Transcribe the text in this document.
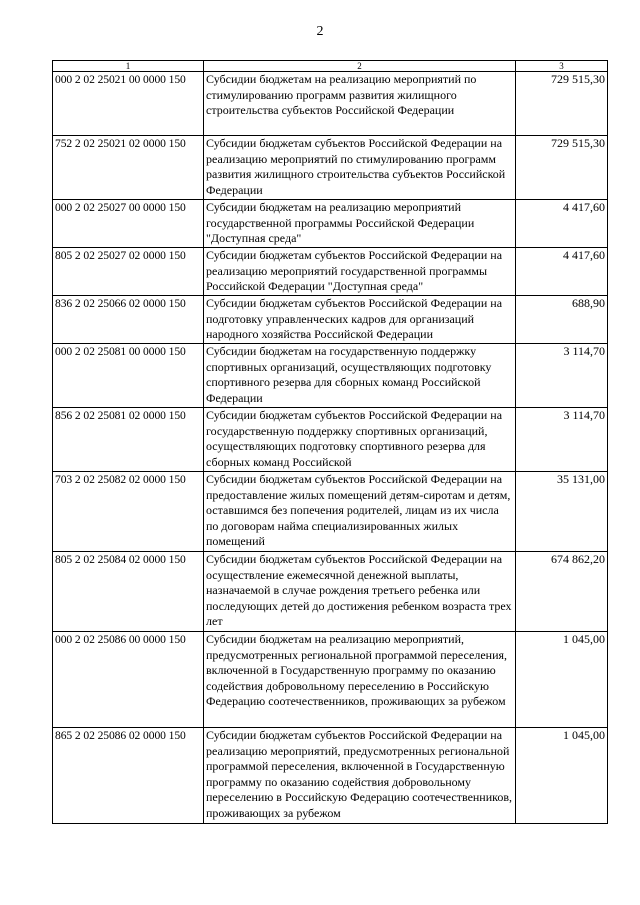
2
1	2	3
000 2 02 25021 00 0000 150	Субсидии бюджетам на реализацию мероприятий по стимулированию программ развития жилищного строительства субъектов Российской Федерации	729 515,30
752 2 02 25021 02 0000 150	Субсидии бюджетам субъектов Российской Федерации на реализацию мероприятий по стимулированию программ развития жилищного строительства субъектов Российской Федерации	729 515,30
000 2 02 25027 00 0000 150	Субсидии бюджетам на реализацию мероприятий государственной программы Российской Федерации "Доступная среда"	4 417,60
805 2 02 25027 02 0000 150	Субсидии бюджетам субъектов Российской Федерации на реализацию мероприятий государственной программы Российской Федерации "Доступная среда"	4 417,60
836 2 02 25066 02 0000 150	Субсидии бюджетам субъектов Российской Федерации на подготовку управленческих кадров для организаций народного хозяйства Российской Федерации	688,90
000 2 02 25081 00 0000 150	Субсидии бюджетам на государственную поддержку спортивных организаций, осуществляющих подготовку спортивного резерва для сборных команд Российской Федерации	3 114,70
856 2 02 25081 02 0000 150	Субсидии бюджетам субъектов Российской Федерации на государственную поддержку спортивных организаций, осуществляющих подготовку спортивного резерва для сборных команд Российской	3 114,70
703 2 02 25082 02 0000 150	Субсидии бюджетам субъектов Российской Федерации на предоставление жилых помещений детям-сиротам и детям, оставшимся без попечения родителей, лицам из их числа по договорам найма специализированных жилых помещений	35 131,00
805 2 02 25084 02 0000 150	Субсидии бюджетам субъектов Российской Федерации на осуществление ежемесячной денежной выплаты, назначаемой в случае рождения третьего ребенка или последующих детей до достижения ребенком возраста трех лет	674 862,20
000 2 02 25086 00 0000 150	Субсидии бюджетам на реализацию мероприятий, предусмотренных региональной программой переселения, включенной в Государственную программу по оказанию содействия добровольному переселению в Российскую Федерацию соотечественников, проживающих за рубежом	1 045,00
865 2 02 25086 02 0000 150	Субсидии бюджетам субъектов Российской Федерации на реализацию мероприятий, предусмотренных региональной программой переселения, включенной в Государственную программу по оказанию содействия добровольному переселению в Российскую Федерацию соотечественников, проживающих за рубежом	1 045,00
